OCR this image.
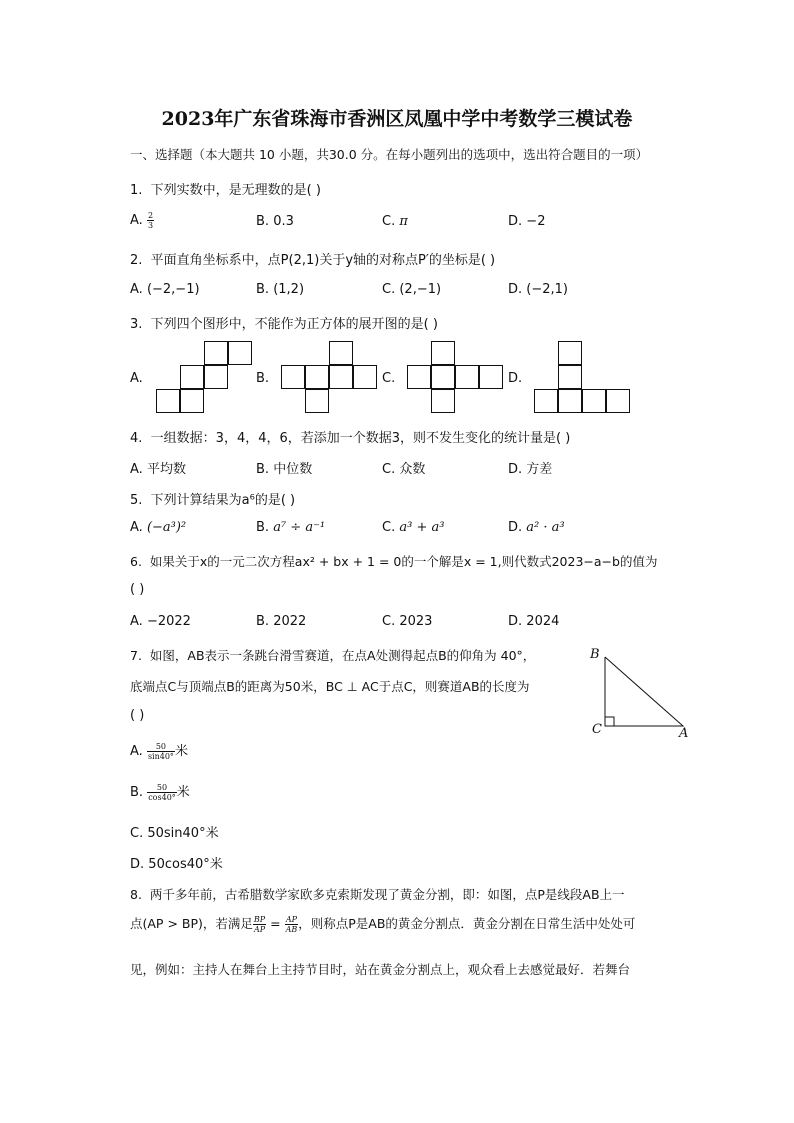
2023年广东省珠海市香洲区凤凰中学中考数学三模试卷
一、选择题（本大题共 10 小题，共30.0 分。在每小题列出的选项中，选出符合题目的一项）
1. 下列实数中，是无理数的是( )
A. $\frac{2}{3}$	B. 0.3	C. π	D. −2
2. 平面直角坐标系中，点P(2,1)关于y轴的对称点P′的坐标是( )
A. (−2,−1)	B. (1,2)	C. (2,−1)	D. (−2,1)
3. 下列四个图形中，不能作为正方体的展开图的是( )
A.	B.	C.	D.
4. 一组数据：3，4，4，6，若添加一个数据3，则不发生变化的统计量是( )
A. 平均数	B. 中位数	C. 众数	D. 方差
5. 下列计算结果为a⁶的是( )
A. (−a³)²	B. a⁷ ÷ a⁻¹	C. a³ + a³	D. a² · a³
6. 如果关于x的一元二次方程ax² + bx + 1 = 0的一个解是x = 1,则代数式2023−a−b的值为
( )
A. −2022	B. 2022	C. 2023	D. 2024
7. 如图，AB表示一条跳台滑雪赛道，在点A处测得起点B的仰角为 40°，
底端点C与顶端点B的距离为50米，BC ⊥ AC于点C，则赛道AB的长度为
( )
A. $\frac{50}{\sin 40^\circ}$ 米
B. $\frac{50}{\cos 40^\circ}$ 米
C. 50sin40°米
D. 50cos40°米
B
C	A
8. 两千多年前，古希腊数学家欧多克索斯发现了黄金分割，即：如图，点P是线段AB上一
点(AP > BP)，若满足 $\frac{BP}{AP} = \frac{AP}{AB}$ ，则称点P是AB的黄金分割点．黄金分割在日常生活中处处可
见，例如：主持人在舞台上主持节目时，站在黄金分割点上，观众看上去感觉最好．若舞台
